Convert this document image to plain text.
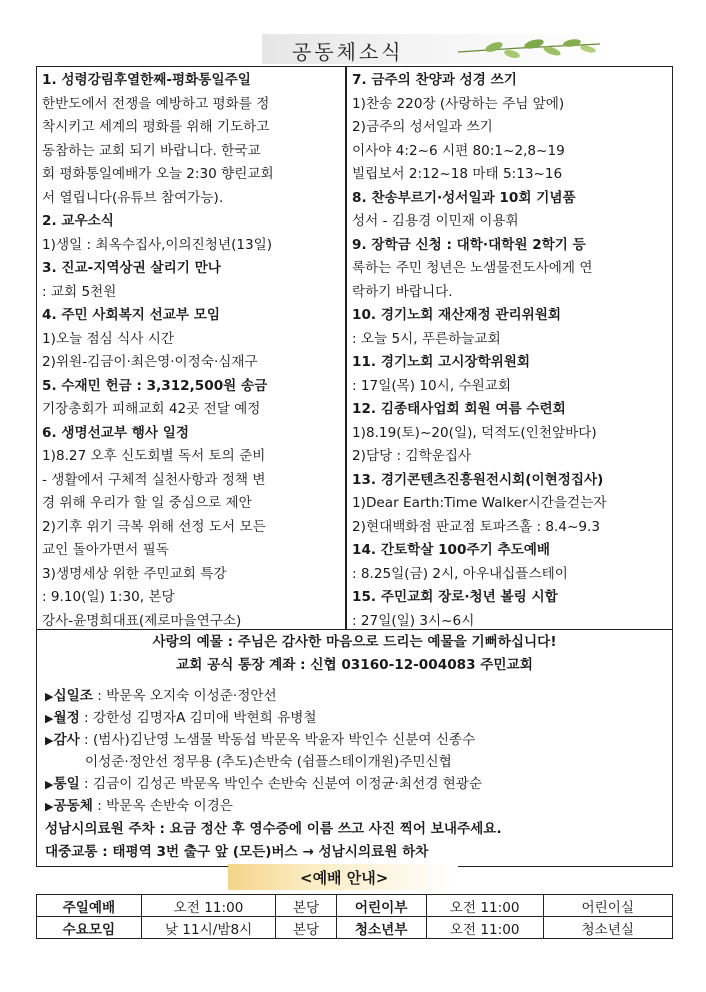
공동체소식
1. 성령강림후열한째-평화통일주일
한반도에서 전쟁을 예방하고 평화를 정
착시키고 세계의 평화를 위해 기도하고
동참하는 교회 되기 바랍니다. 한국교
회 평화통일예배가 오늘 2:30 향린교회
서 열립니다(유튜브 참여가능).
2. 교우소식
1)생일 : 최옥수집사,이의진청년(13일)
3. 진교-지역상권 살리기 만나
: 교회 5천원
4. 주민 사회복지 선교부 모임
1)오늘 점심 식사 시간
2)위원-김금이·최은영·이정숙·심재구
5. 수재민 헌금 : 3,312,500원 송금
기장총회가 피해교회 42곳 전달 예정
6. 생명선교부 행사 일정
1)8.27 오후 신도회별 독서 토의 준비
- 생활에서 구체적 실천사항과 정책 변
경 위해 우리가 할 일 중심으로 제안
2)기후 위기 극복 위해 선정 도서 모든
교인 돌아가면서 필독
3)생명세상 위한 주민교회 특강
: 9.10(일) 1:30, 본당
강사-윤명희대표(제로마을연구소)
7. 금주의 찬양과 성경 쓰기
1)찬송 220장 (사랑하는 주님 앞에)
2)금주의 성서일과 쓰기
이사야 4:2~6 시편 80:1~2,8~19
빌립보서 2:12~18 마태 5:13~16
8. 찬송부르기·성서일과 10회 기념품
성서 - 김용경 이민재 이용휘
9. 장학금 신청 : 대학·대학원 2학기 등
록하는 주민 청년은 노샘물전도사에게 연
락하기 바랍니다.
10. 경기노회 재산재정 관리위원회
: 오늘 5시, 푸른하늘교회
11. 경기노회 고시장학위원회
: 17일(목) 10시, 수원교회
12. 김종태사업회 회원 여름 수련회
1)8.19(토)~20(일), 덕적도(인천앞바다)
2)담당 : 김학운집사
13. 경기콘텐츠진흥원전시회(이현정집사)
1)Dear Earth:Time Walker시간을걷는자
2)현대백화점 판교점 토파즈홀 : 8.4~9.3
14. 간토학살 100주기 추도예배
: 8.25일(금) 2시, 아우내십플스테이
15. 주민교회 장로·청년 볼링 시합
: 27일(일) 3시~6시
사랑의 예물 : 주님은 감사한 마음으로 드리는 예물을 기뻐하십니다!
교회 공식 통장 계좌 : 신협 03160-12-004083 주민교회
▶십일조 : 박문옥 오지숙 이성준·정안선
▶월정 : 강한성 김명자A 김미애 박현희 유병철
▶감사 : (범사)김난영 노샘물 박동섭 박문옥 박윤자 박인수 신분여 신종수
이성준·정안선 정무용 (추도)손반숙 (쉼플스테이개원)주민신협
▶통일 : 김금이 김성곤 박문옥 박인수 손반숙 신분여 이정균·최선경 현광순
▶공동체 : 박문옥 손반숙 이경은
성남시의료원 주차 : 요금 정산 후 영수증에 이름 쓰고 사진 찍어 보내주세요.
대중교통 : 태평역 3번 출구 앞 (모든)버스 → 성남시의료원 하차
<예배 안내>
주일예배	오전 11:00	본당	어린이부	오전 11:00	어린이실
수요모임	낮 11시/밤8시	본당	청소년부	오전 11:00	청소년실
